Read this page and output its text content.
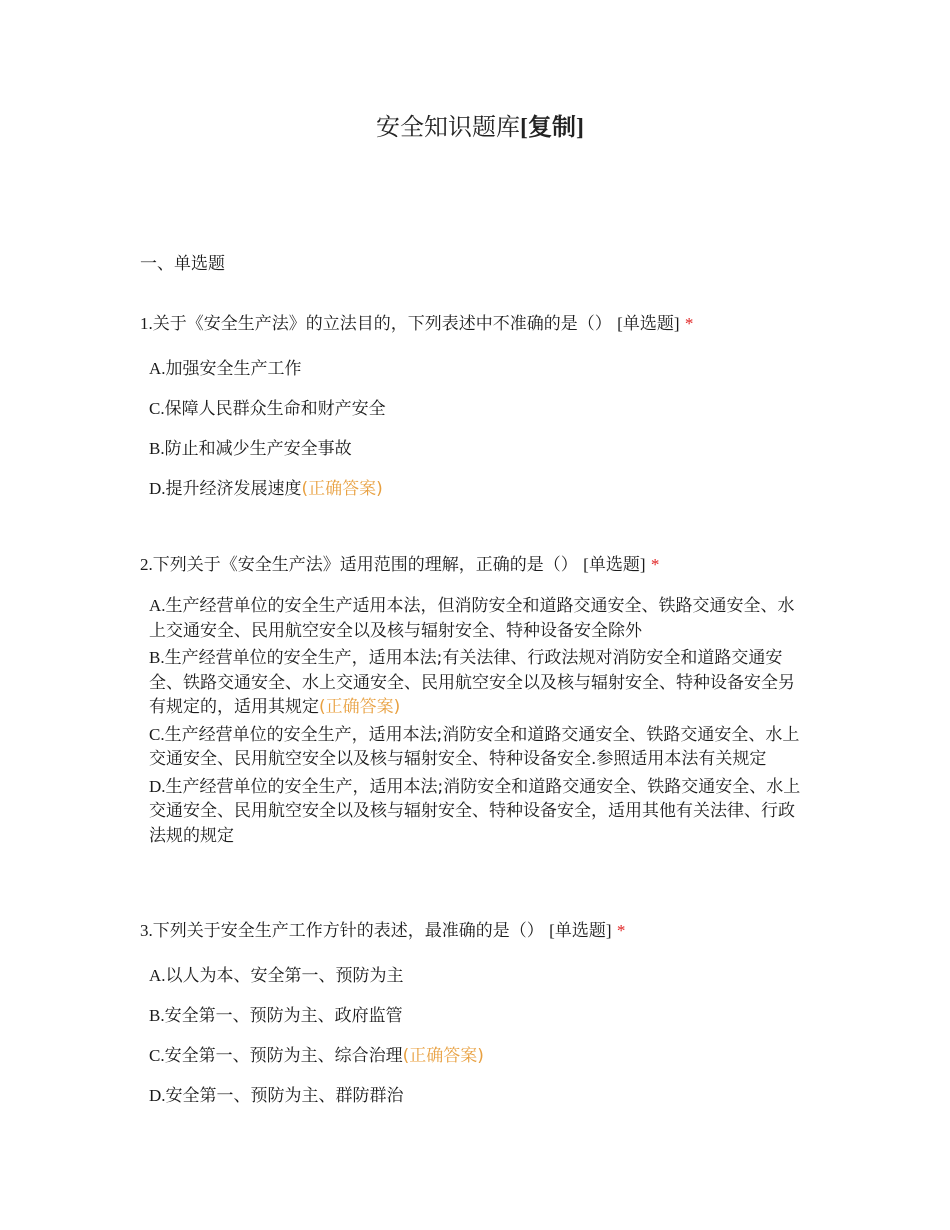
安全知识题库[复制]
一、单选题
1.关于《安全生产法》的立法目的，下列表述中不准确的是（） [单选题] *
A.加强安全生产工作
C.保障人民群众生命和财产安全
B.防止和减少生产安全事故
D.提升经济发展速度(正确答案)
2.下列关于《安全生产法》适用范围的理解，正确的是（） [单选题] *
A.生产经营单位的安全生产适用本法，但消防安全和道路交通安全、铁路交通安全、水上交通安全、民用航空安全以及核与辐射安全、特种设备安全除外
B.生产经营单位的安全生产，适用本法;有关法律、行政法规对消防安全和道路交通安全、铁路交通安全、水上交通安全、民用航空安全以及核与辐射安全、特种设备安全另有规定的，适用其规定(正确答案)
C.生产经营单位的安全生产，适用本法;消防安全和道路交通安全、铁路交通安全、水上交通安全、民用航空安全以及核与辐射安全、特种设备安全.参照适用本法有关规定
D.生产经营单位的安全生产，适用本法;消防安全和道路交通安全、铁路交通安全、水上交通安全、民用航空安全以及核与辐射安全、特种设备安全，适用其他有关法律、行政法规的规定
3.下列关于安全生产工作方针的表述，最准确的是（） [单选题] *
A.以人为本、安全第一、预防为主
B.安全第一、预防为主、政府监管
C.安全第一、预防为主、综合治理(正确答案)
D.安全第一、预防为主、群防群治
